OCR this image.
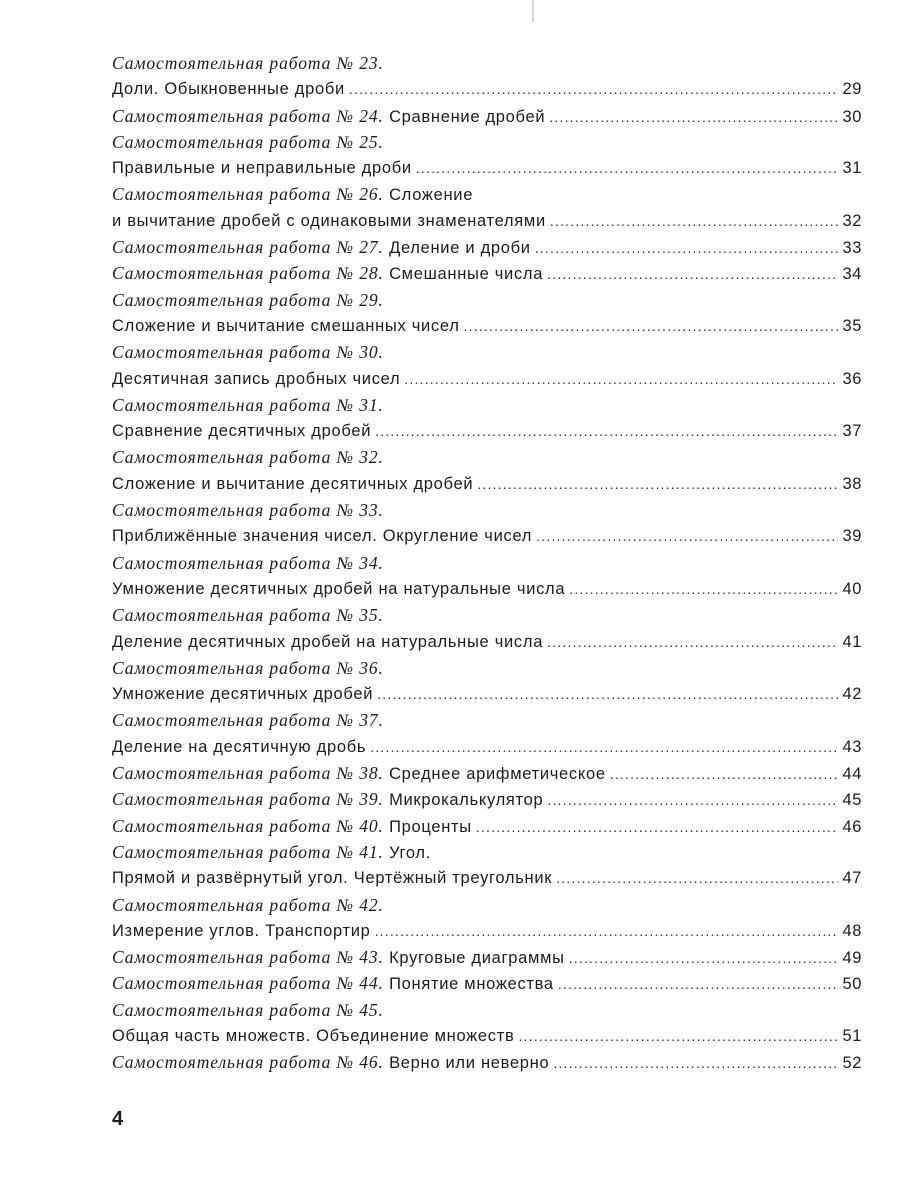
Самостоятельная работа № 23.
Доли. Обыкновенные дроби .....	29
Самостоятельная работа № 24. Сравнение дробей .....	30
Самостоятельная работа № 25.
Правильные и неправильные дроби .....	31
Самостоятельная работа № 26. Сложение
и вычитание дробей с одинаковыми знаменателями .....	32
Самостоятельная работа № 27. Деление и дроби .....	33
Самостоятельная работа № 28. Смешанные числа .....	34
Самостоятельная работа № 29.
Сложение и вычитание смешанных чисел .....	35
Самостоятельная работа № 30.
Десятичная запись дробных чисел .....	36
Самостоятельная работа № 31.
Сравнение десятичных дробей .....	37
Самостоятельная работа № 32.
Сложение и вычитание десятичных дробей .....	38
Самостоятельная работа № 33.
Приближённые значения чисел. Округление чисел .....	39
Самостоятельная работа № 34.
Умножение десятичных дробей на натуральные числа .....	40
Самостоятельная работа № 35.
Деление десятичных дробей на натуральные числа .....	41
Самостоятельная работа № 36.
Умножение десятичных дробей .....	42
Самостоятельная работа № 37.
Деление на десятичную дробь .....	43
Самостоятельная работа № 38. Среднее арифметическое .....	44
Самостоятельная работа № 39. Микрокалькулятор .....	45
Самостоятельная работа № 40. Проценты .....	46
Самостоятельная работа № 41. Угол.
Прямой и развёрнутый угол. Чертёжный треугольник .....	47
Самостоятельная работа № 42.
Измерение углов. Транспортир .....	48
Самостоятельная работа № 43. Круговые диаграммы .....	49
Самостоятельная работа № 44. Понятие множества .....	50
Самостоятельная работа № 45.
Общая часть множеств. Объединение множеств .....	51
Самостоятельная работа № 46. Верно или неверно .....	52
4
